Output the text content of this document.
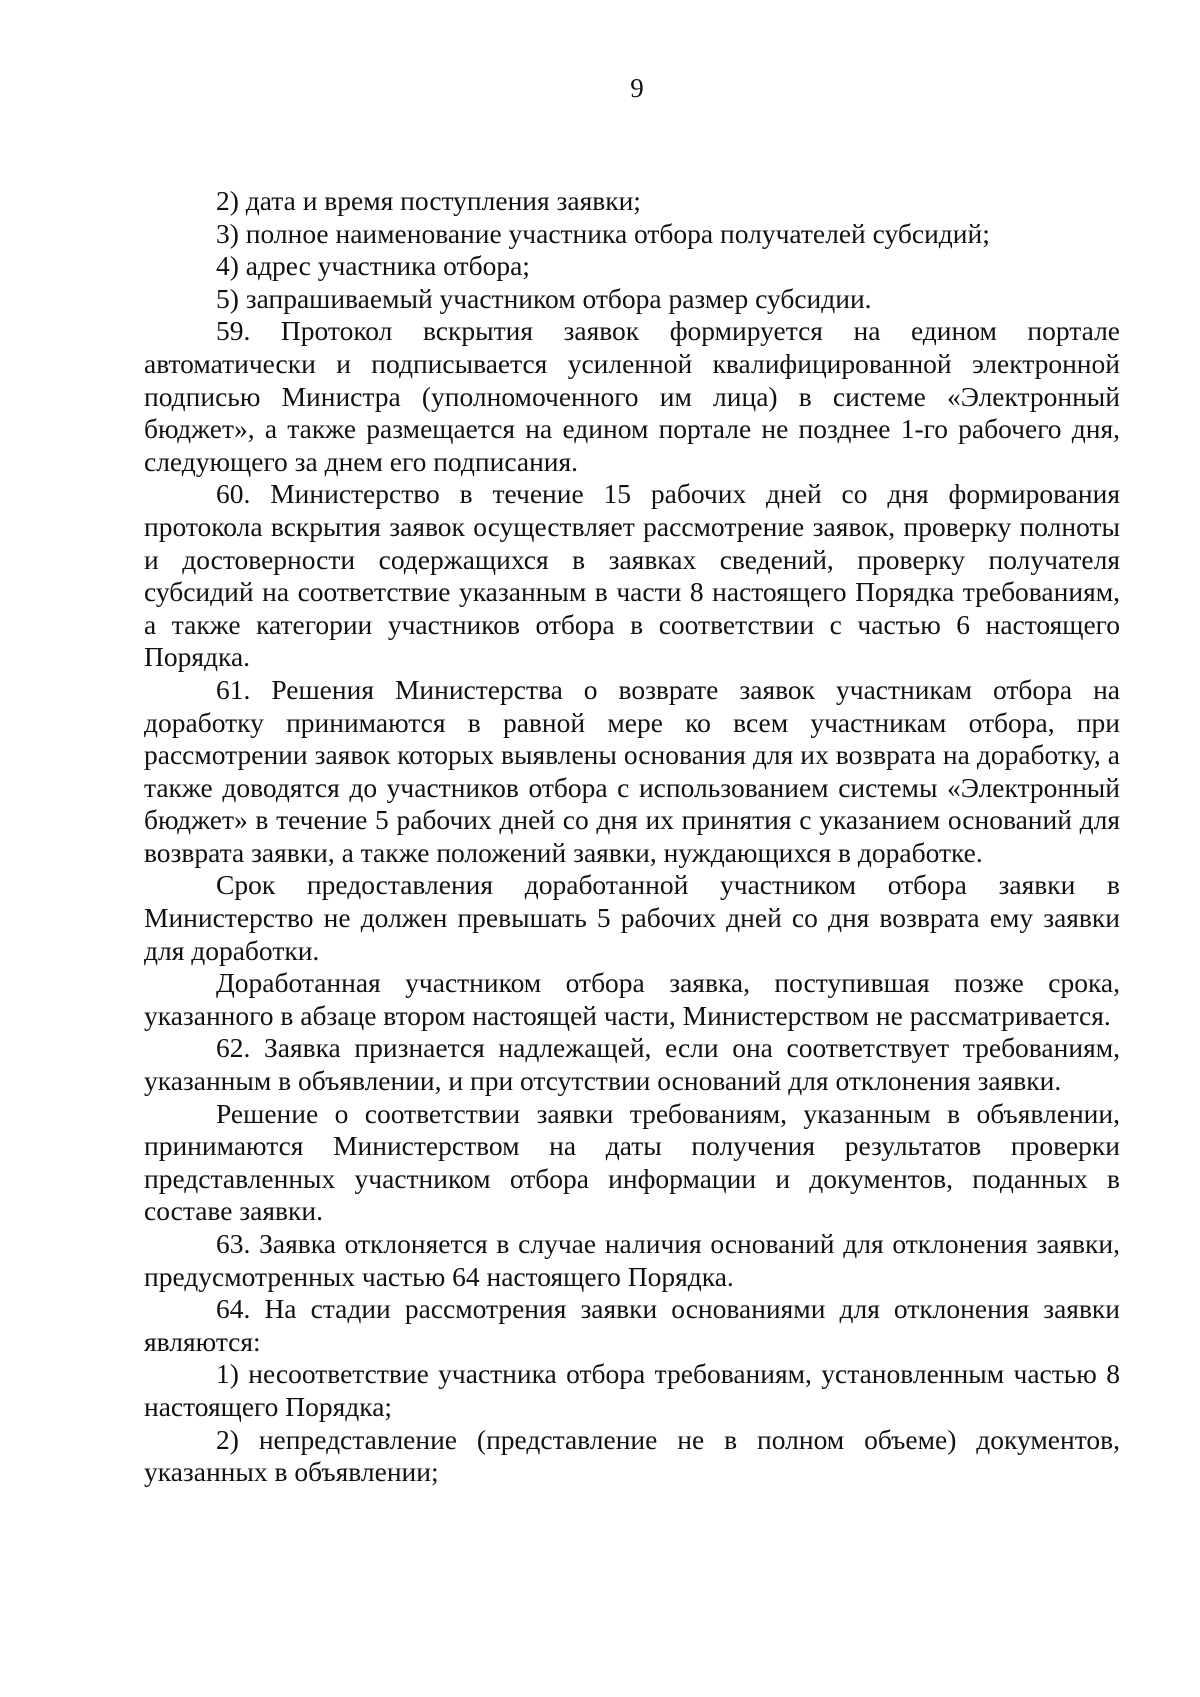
9

2) дата и время поступления заявки;

3) полное наименование участника отбора получателей субсидий;

4) адрес участника отбора;

5) запрашиваемый участником отбора размер субсидии.

59. Протокол вскрытия заявок формируется на едином портале автоматически и подписывается усиленной квалифицированной электронной подписью Министра (уполномоченного им лица) в системе «Электронный бюджет», а также размещается на едином портале не позднее 1-го рабочего дня, следующего за днем его подписания.

60. Министерство в течение 15 рабочих дней со дня формирования протокола вскрытия заявок осуществляет рассмотрение заявок, проверку полноты и достоверности содержащихся в заявках сведений, проверку получателя субсидий на соответствие указанным в части 8 настоящего Порядка требованиям, а также категории участников отбора в соответствии с частью 6 настоящего Порядка.

61. Решения Министерства о возврате заявок участникам отбора на доработку принимаются в равной мере ко всем участникам отбора, при рассмотрении заявок которых выявлены основания для их возврата на доработку, а также доводятся до участников отбора с использованием системы «Электронный бюджет» в течение 5 рабочих дней со дня их принятия с указанием оснований для возврата заявки, а также положений заявки, нуждающихся в доработке.

Срок предоставления доработанной участником отбора заявки в Министерство не должен превышать 5 рабочих дней со дня возврата ему заявки для доработки.

Доработанная участником отбора заявка, поступившая позже срока, указанного в абзаце втором настоящей части, Министерством не рассматривается.

62. Заявка признается надлежащей, если она соответствует требованиям, указанным в объявлении, и при отсутствии оснований для отклонения заявки.

Решение о соответствии заявки требованиям, указанным в объявлении, принимаются Министерством на даты получения результатов проверки представленных участником отбора информации и документов, поданных в составе заявки.

63. Заявка отклоняется в случае наличия оснований для отклонения заявки, предусмотренных частью 64 настоящего Порядка.

64. На стадии рассмотрения заявки основаниями для отклонения заявки являются:

1) несоответствие участника отбора требованиям, установленным частью 8 настоящего Порядка;

2) непредставление (представление не в полном объеме) документов, указанных в объявлении;
